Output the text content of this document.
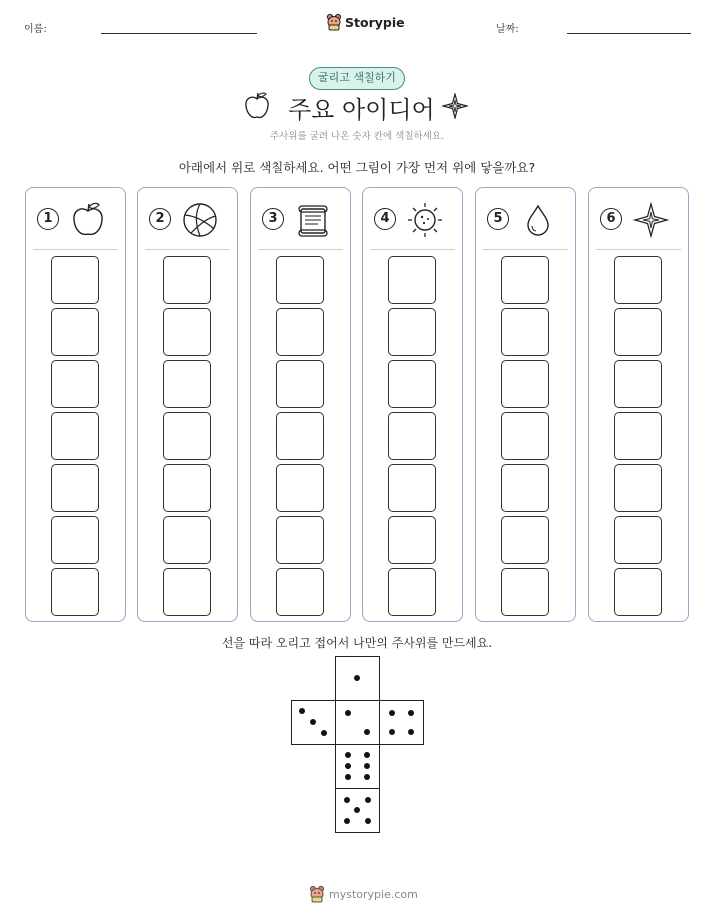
이름:	Storypie	날짜:
굴리고 색칠하기
주요 아이디어
주사위를 굴려 나온 숫자 칸에 색칠하세요.
아래에서 위로 색칠하세요. 어떤 그림이 가장 먼저 위에 닿을까요?
1	2	3	4	5	6
선을 따라 오리고 접어서 나만의 주사위를 만드세요.
mystorypie.com
